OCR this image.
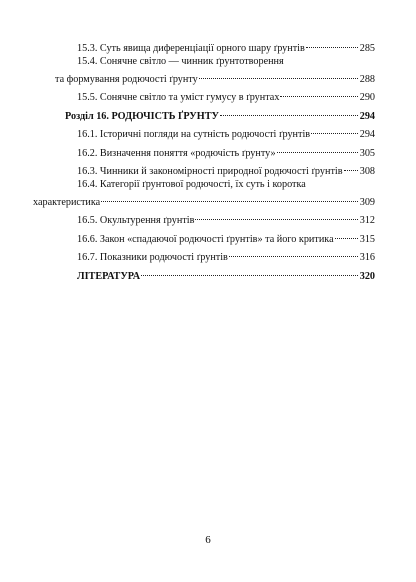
15.3. Суть явища диференціації орного шару ґрунтів	285
15.4. Сонячне світло — чинник ґрунтотворення
та формування родючості ґрунту	288
15.5. Сонячне світло та уміст гумусу в ґрунтах	290
Розділ 16. РОДЮЧІСТЬ ҐРУНТУ	294
16.1. Історичні погляди на сутність родючості ґрунтів	294
16.2. Визначення поняття «родючість ґрунту»	305
16.3. Чинники й закономірності природної родючості ґрунтів 308
16.4. Категорії ґрунтової родючості, їх суть і коротка
характеристика	309
16.5. Окультурення ґрунтів	312
16.6. Закон «спадаючої родючості ґрунтів» та його критика	315
16.7. Показники родючості ґрунтів	316
ЛІТЕРАТУРА	320
6
